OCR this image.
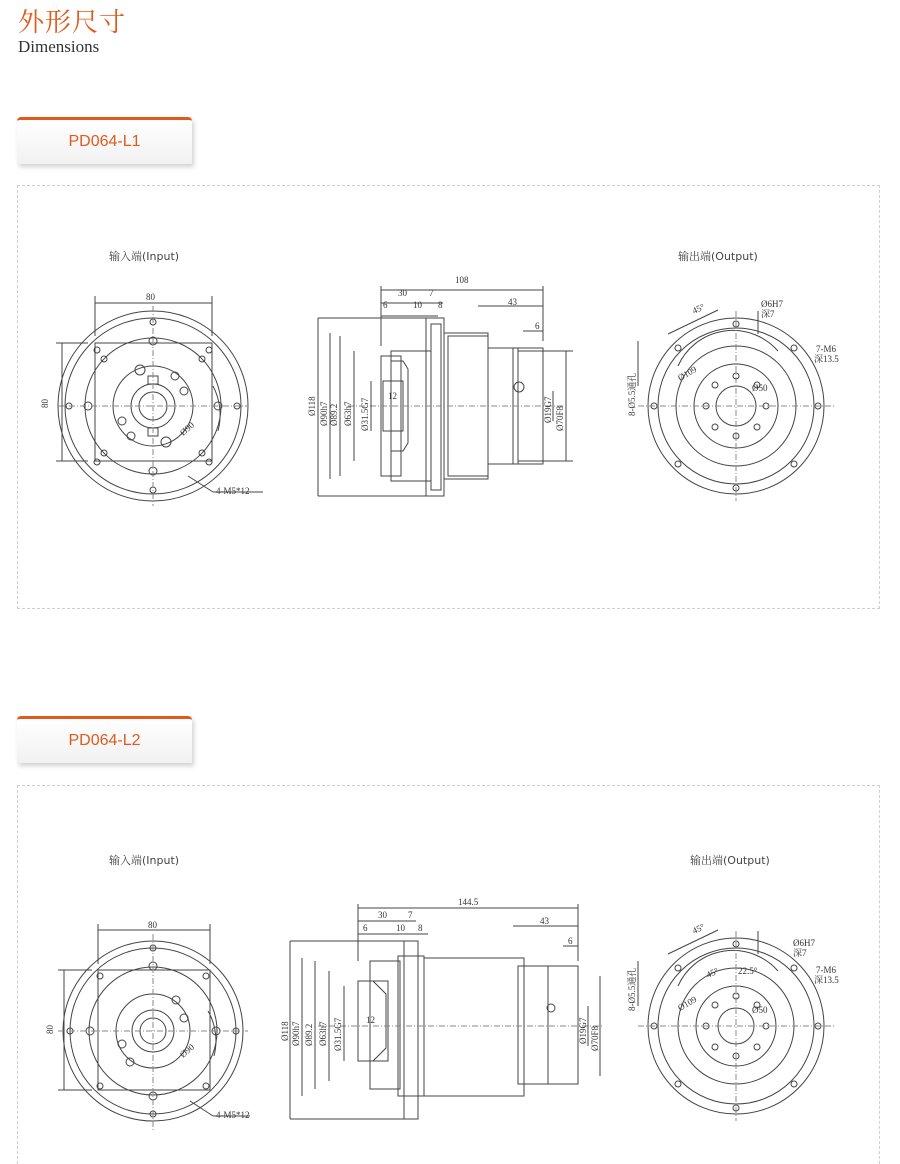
外形尺寸
Dimensions
PD064-L1
输入端(Input)	输出端(Output)
80
80
4-M5*12
Ø90
108
30 7
6	10 8	43
6
Ø118 Ø90h7 Ø89.2 Ø63h7 Ø31.5G7
12
Ø19G7 Ø70F8
45°	Ø6H7
深7
7-M6
深13.5
Ø109
Ø50
8-Ø5.5通孔
PD064-L2
输入端(Input)	输出端(Output)
80
80
4-M5*12
Ø90
144.5
30 7
6	10 8
43
6
Ø118 Ø90h7 Ø89.2 Ø63h7 Ø31.5G7	12	Ø19G7 Ø70F8
45°
45° 22.5°
Ø6H7
深7
7-M6
深13.5
Ø109	Ø50
8-Ø5.5通孔
